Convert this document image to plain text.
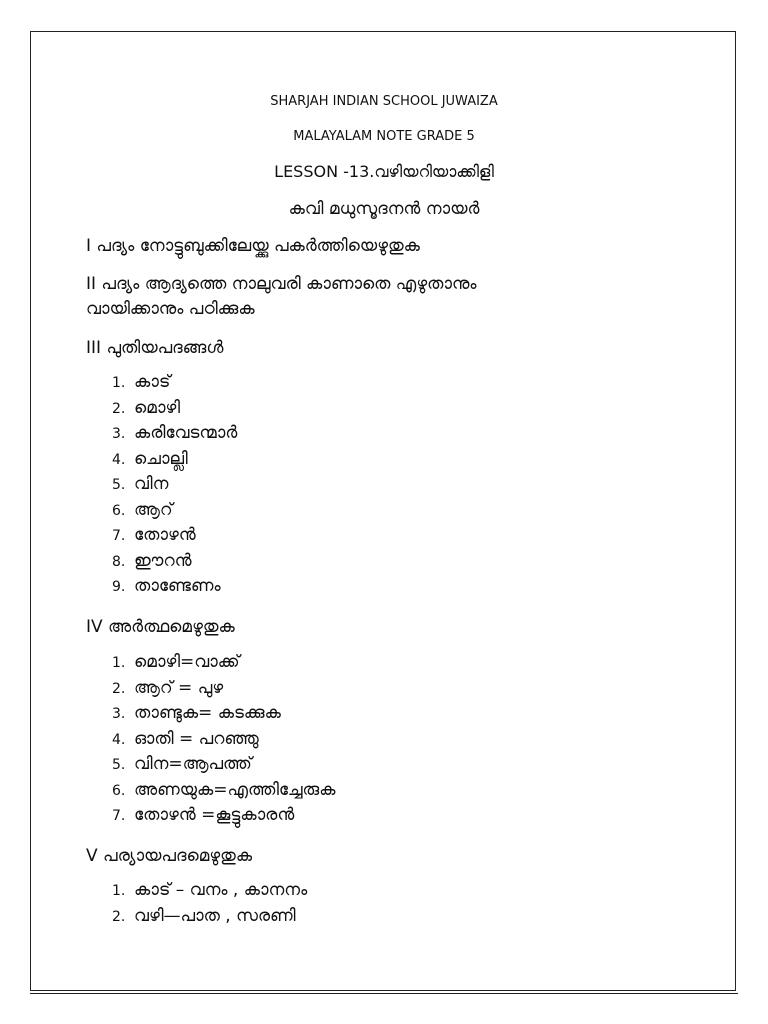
SHARJAH INDIAN SCHOOL JUWAIZA
MALAYALAM NOTE GRADE 5
LESSON -13.വഴിയറിയാക്കിളി
കവി മധുസൂദനൻ നായർ
I പദ്യം നോട്ടുബുക്കിലേയ്ക്കു പകർത്തിയെഴുതുക
II പദ്യം ആദ്യത്തെ നാലുവരി കാണാതെ എഴുതാനും
വായിക്കാനും പഠിക്കുക
III പുതിയപദങ്ങൾ
1. കാട്
2. മൊഴി
3. കരിവേടന്മാർ
4. ചൊല്ലി
5. വിന
6. ആറ്
7. തോഴൻ
8. ഈറൻ
9. താണ്ടേണം
IV അർത്ഥമെഴുതുക
1. മൊഴി=വാക്ക്
2. ആറ് = പുഴ
3. താണ്ടുക= കടക്കുക
4. ഓതി = പറഞ്ഞു
5. വിന=ആപത്ത്
6. അണയുക=എത്തിച്ചേരുക
7. തോഴൻ =കൂട്ടുകാരൻ
V പര്യായപദമെഴുതുക
1. കാട് – വനം , കാനനം
2. വഴി—പാത , സരണി
